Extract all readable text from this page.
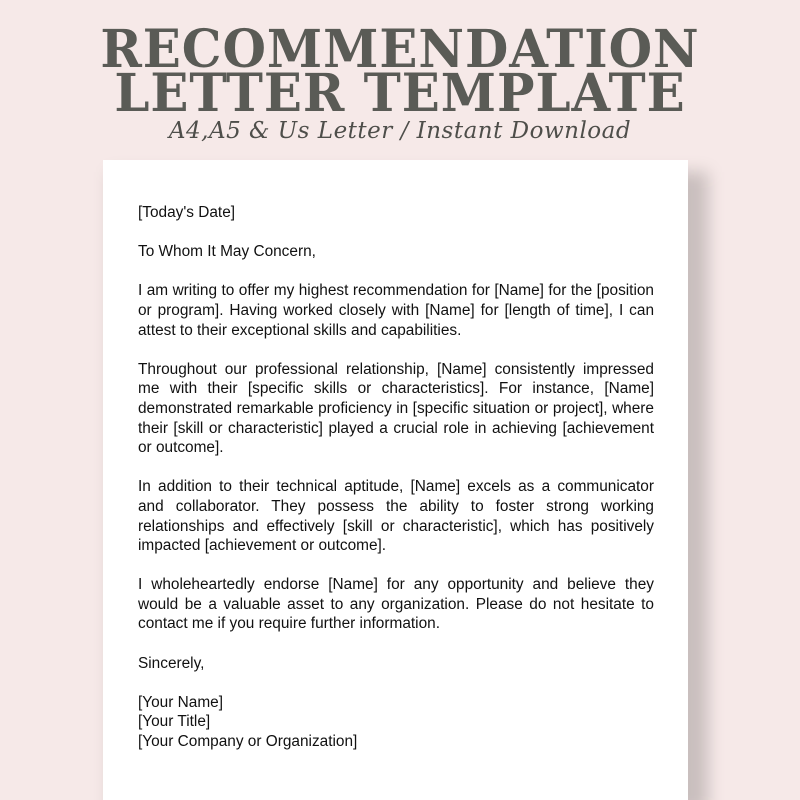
RECOMMENDATION
LETTER TEMPLATE
A4,A5 & Us Letter / Instant Download

[Today's Date]

To Whom It May Concern,

I am writing to offer my highest recommendation for [Name] for the [position or program]. Having worked closely with [Name] for [length of time], I can attest to their exceptional skills and capabilities.

Throughout our professional relationship, [Name] consistently impressed me with their [specific skills or characteristics]. For instance, [Name] demonstrated remarkable proficiency in [specific situation or project], where their [skill or characteristic] played a crucial role in achieving [achievement or outcome].

In addition to their technical aptitude, [Name] excels as a communicator and collaborator. They possess the ability to foster strong working relationships and effectively [skill or characteristic], which has positively impacted [achievement or outcome].

I wholeheartedly endorse [Name] for any opportunity and believe they would be a valuable asset to any organization. Please do not hesitate to contact me if you require further information.

Sincerely,

[Your Name]
[Your Title]
[Your Company or Organization]
